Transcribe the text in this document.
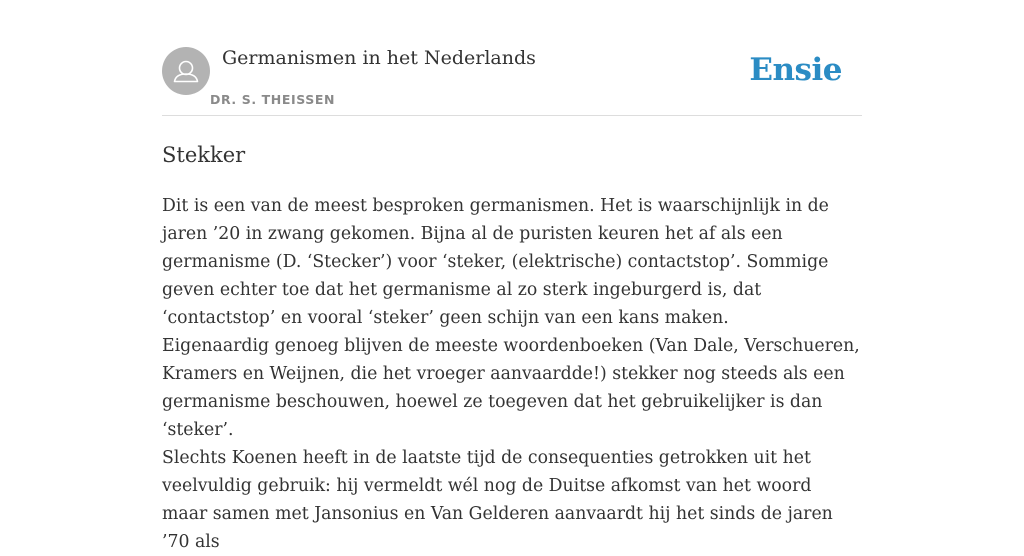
Germanismen in het Nederlands
DR. S. THEISSEN
Ensie
Stekker

Dit is een van de meest besproken germanismen. Het is waarschijnlijk in de jaren ’20 in zwang gekomen. Bijna al de puristen keuren het af als een germanisme (D. ‘Stecker’) voor ‘steker, (elektrische) contactstop’. Sommige geven echter toe dat het germanisme al zo sterk ingeburgerd is, dat ‘contactstop’ en vooral ‘steker’ geen schijn van een kans maken.

Eigenaardig genoeg blijven de meeste woordenboeken (Van Dale, Verschueren, Kramers en Weijnen, die het vroeger aanvaardde!) stekker nog steeds als een germanisme beschouwen, hoewel ze toegeven dat het gebruikelijker is dan ‘steker’.

Slechts Koenen heeft in de laatste tijd de consequenties getrokken uit het veelvuldig gebruik: hij vermeldt wél nog de Duitse afkomst van het woord maar samen met Jansonius en Van Gelderen aanvaardt hij het sinds de jaren ’70 als
